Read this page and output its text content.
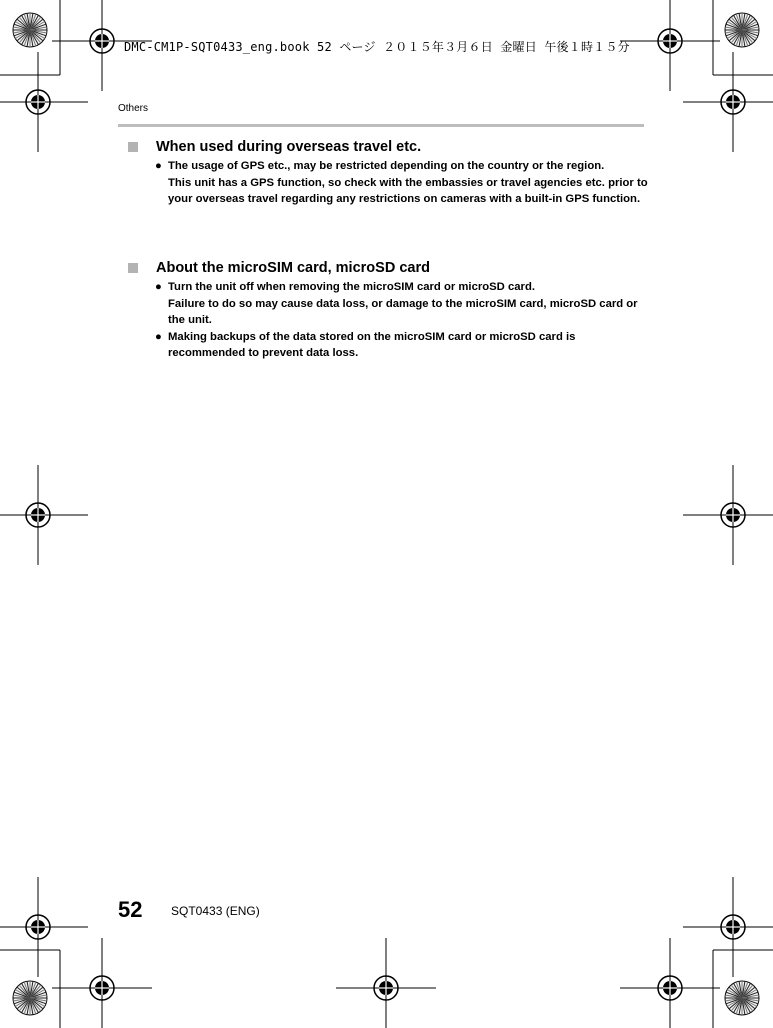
DMC-CM1P-SQT0433_eng.book 52 ページ ２０１５年３月６日 金曜日 午後１時１５分
Others
When used during overseas travel etc.
● The usage of GPS etc., may be restricted depending on the country or the region.

This unit has a GPS function, so check with the embassies or travel agencies etc. prior to your overseas travel regarding any restrictions on cameras with a built-in GPS function.

About the microSIM card, microSD card
● Turn the unit off when removing the microSIM card or microSD card.

Failure to do so may cause data loss, or damage to the microSIM card, microSD card or the unit.

● Making backups of the data stored on the microSIM card or microSD card is recommended to prevent data loss.

52 SQT0433 (ENG)
